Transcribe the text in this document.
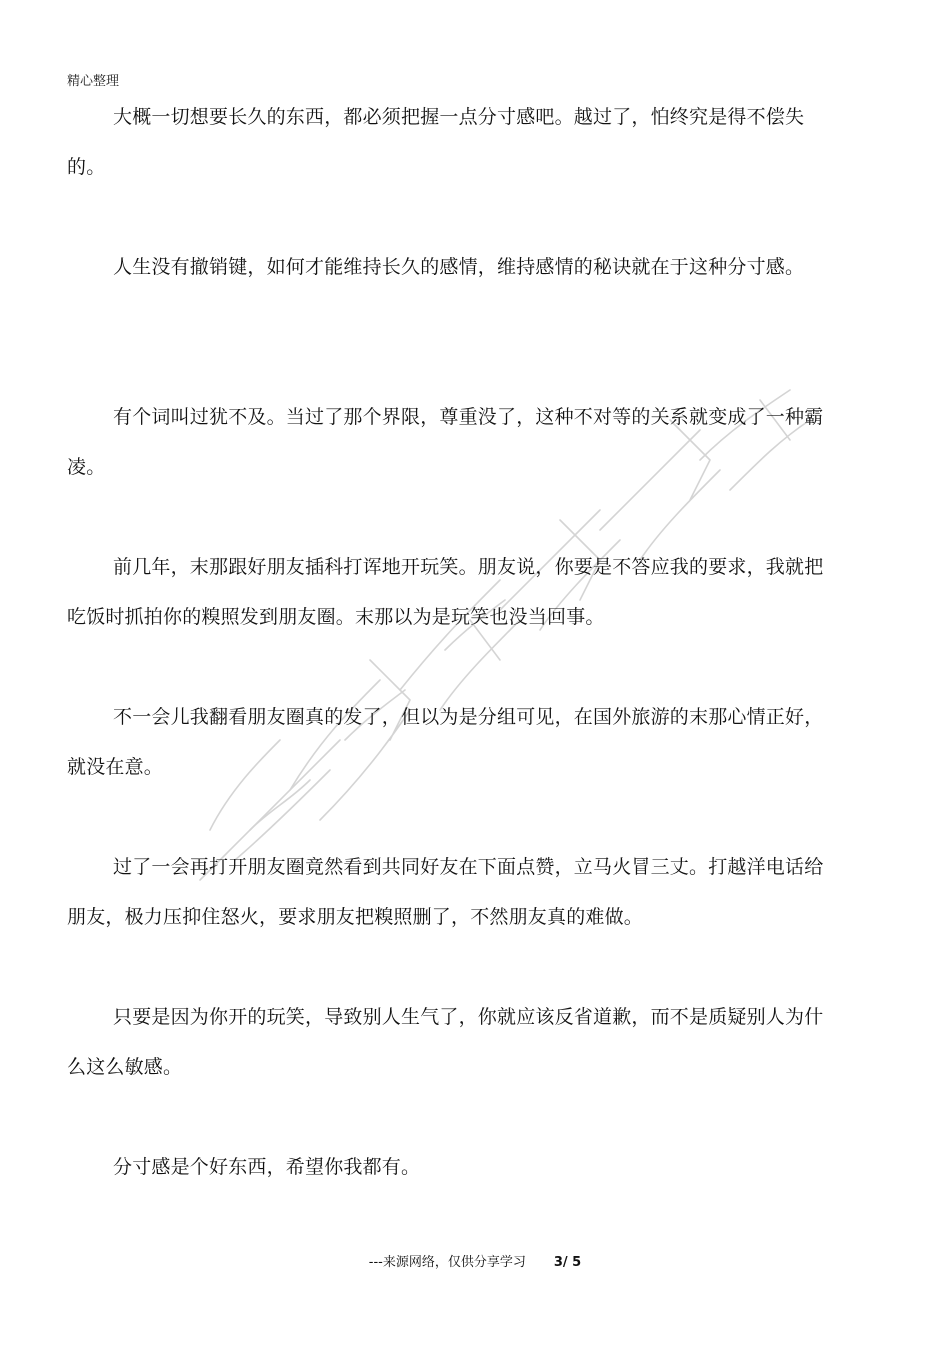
精心整理

大概一切想要长久的东西，都必须把握一点分寸感吧。越过了，怕终究是得不偿失的。

人生没有撤销键，如何才能维持长久的感情，维持感情的秘诀就在于这种分寸感。

有个词叫过犹不及。当过了那个界限，尊重没了，这种不对等的关系就变成了一种霸凌。

前几年，末那跟好朋友插科打诨地开玩笑。朋友说，你要是不答应我的要求，我就把吃饭时抓拍你的糗照发到朋友圈。末那以为是玩笑也没当回事。

不一会儿我翻看朋友圈真的发了，但以为是分组可见，在国外旅游的末那心情正好，就没在意。

过了一会再打开朋友圈竟然看到共同好友在下面点赞，立马火冒三丈。打越洋电话给朋友，极力压抑住怒火，要求朋友把糗照删了，不然朋友真的难做。

只要是因为你开的玩笑，导致别人生气了，你就应该反省道歉，而不是质疑别人为什么这么敏感。

分寸感是个好东西，希望你我都有。

---来源网络，仅供分享学习 3/ 5
